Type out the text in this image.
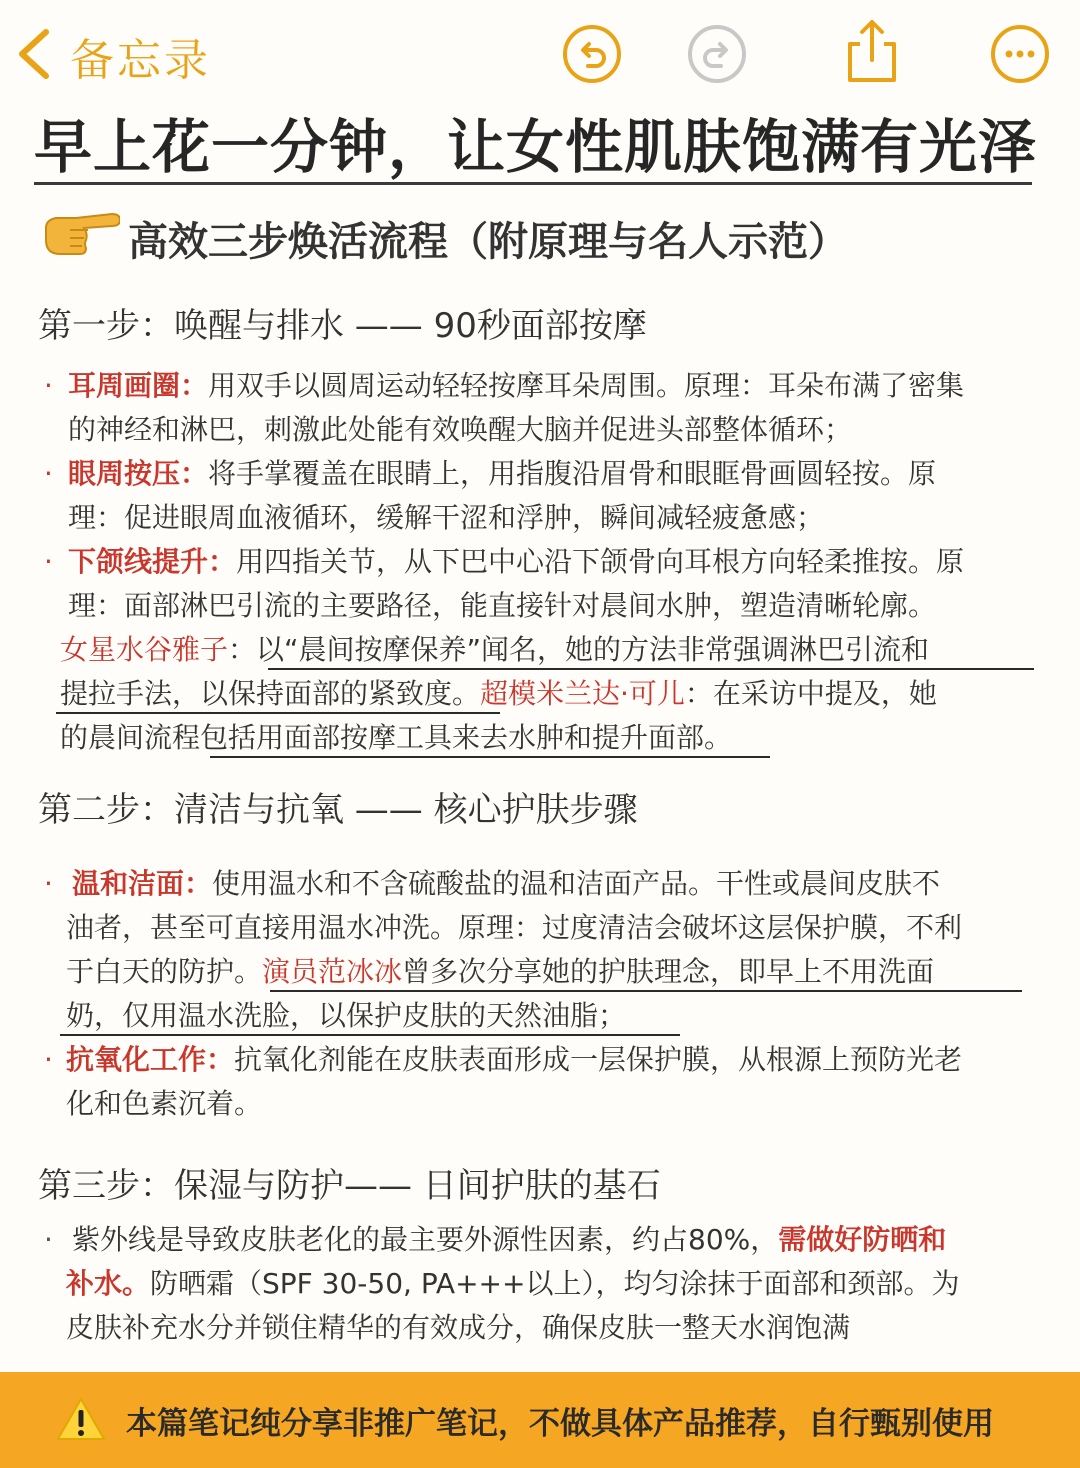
备忘录
早上花一分钟，让女性肌肤饱满有光泽
高效三步焕活流程（附原理与名人示范）
第一步：唤醒与排水 —— 90秒面部按摩
· 耳周画圈：用双手以圆周运动轻轻按摩耳朵周围。原理：耳朵布满了密集
的神经和淋巴，刺激此处能有效唤醒大脑并促进头部整体循环；
· 眼周按压：将手掌覆盖在眼睛上，用指腹沿眉骨和眼眶骨画圆轻按。原
理：促进眼周血液循环，缓解干涩和浮肿，瞬间减轻疲惫感；
· 下颌线提升：用四指关节，从下巴中心沿下颌骨向耳根方向轻柔推按。原
理：面部淋巴引流的主要路径，能直接针对晨间水肿，塑造清晰轮廓。
女星水谷雅子：以“晨间按摩保养”闻名，她的方法非常强调淋巴引流和
提拉手法，以保持面部的紧致度。超模米兰达·可儿：在采访中提及，她
的晨间流程包括用面部按摩工具来去水肿和提升面部。
第二步：清洁与抗氧 —— 核心护肤步骤
· 温和洁面：使用温水和不含硫酸盐的温和洁面产品。干性或晨间皮肤不
油者，甚至可直接用温水冲洗。原理：过度清洁会破坏这层保护膜，不利
于白天的防护。演员范冰冰曾多次分享她的护肤理念，即早上不用洗面
奶，仅用温水洗脸，以保护皮肤的天然油脂；
· 抗氧化工作：抗氧化剂能在皮肤表面形成一层保护膜，从根源上预防光老
化和色素沉着。
第三步：保湿与防护—— 日间护肤的基石
· 紫外线是导致皮肤老化的最主要外源性因素，约占80%，需做好防晒和
补水。防晒霜（SPF 30-50, PA+++以上），均匀涂抹于面部和颈部。为
皮肤补充水分并锁住精华的有效成分，确保皮肤一整天水润饱满
本篇笔记纯分享非推广笔记，不做具体产品推荐，自行甄别使用
